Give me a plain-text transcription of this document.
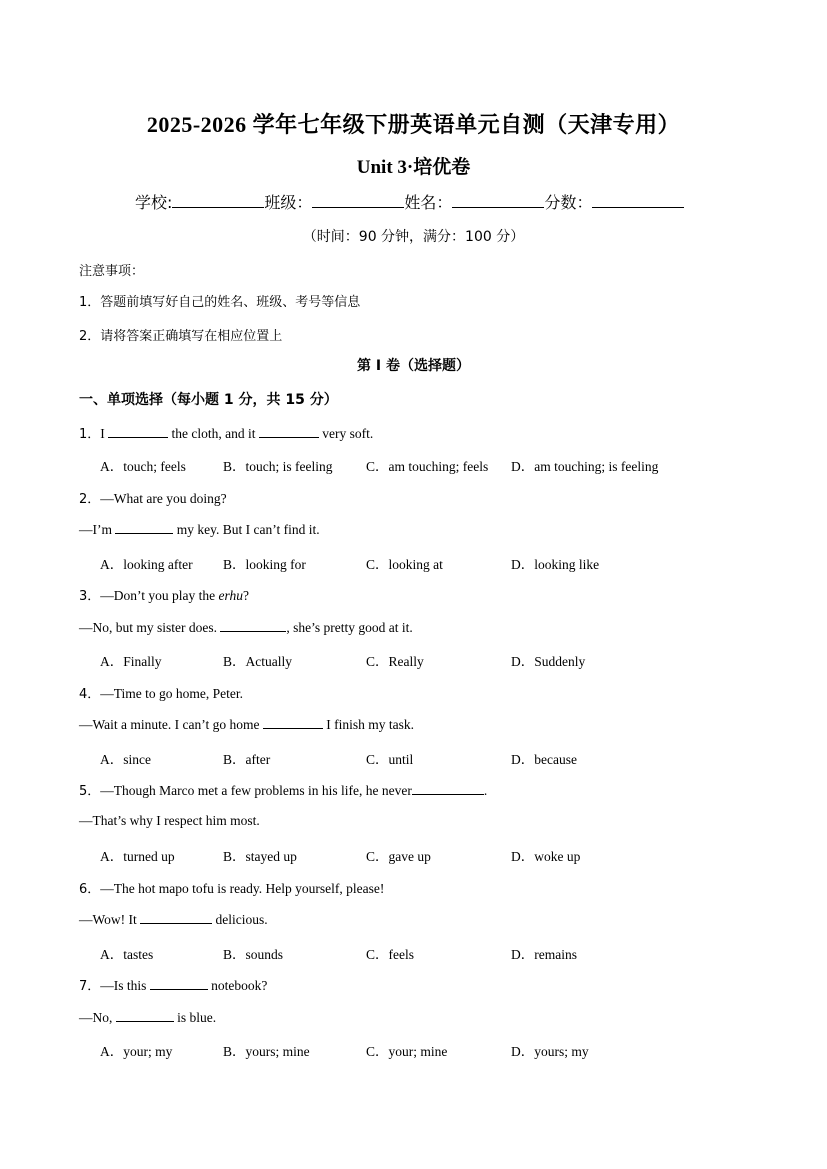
2025-2026 学年七年级下册英语单元自测（天津专用）
Unit 3·培优卷
学校:	班级：	姓名：	分数：
（时间：90 分钟，满分：100 分）
注意事项：
1．答题前填写好自己的姓名、班级、考号等信息
2．请将答案正确填写在相应位置上
第 I 卷（选择题）
一、单项选择（每小题 1 分，共 15 分）
1．I	the cloth, and it	very soft.
A．touch; feels	B．touch; is feeling C．am touching; feels D．am touching; is feeling
2．—What are you doing?
—I’m	my key. But I can’t find it.
A．looking after B．looking for	C．looking at	D．looking like
3．—Don’t you play the erhu?
—No, but my sister does.	, she’s pretty good at it.
A．Finally	B．Actually	C．Really	D．Suddenly
4．—Time to go home, Peter.
—Wait a minute. I can’t go home	I finish my task.
A．since	B．after	C．until	D．because
5．—Though Marco met a few problems in his life, he never	.
—That’s why I respect him most.
A．turned up	B．stayed up	C．gave up	D．woke up
6．—The hot mapo tofu is ready. Help yourself, please!
—Wow! It	delicious.
A．tastes	B．sounds	C．feels	D．remains
7．—Is this	notebook?
—No,	is blue.
A．your; my	B．yours; mine	C．your; mine	D．yours; my
